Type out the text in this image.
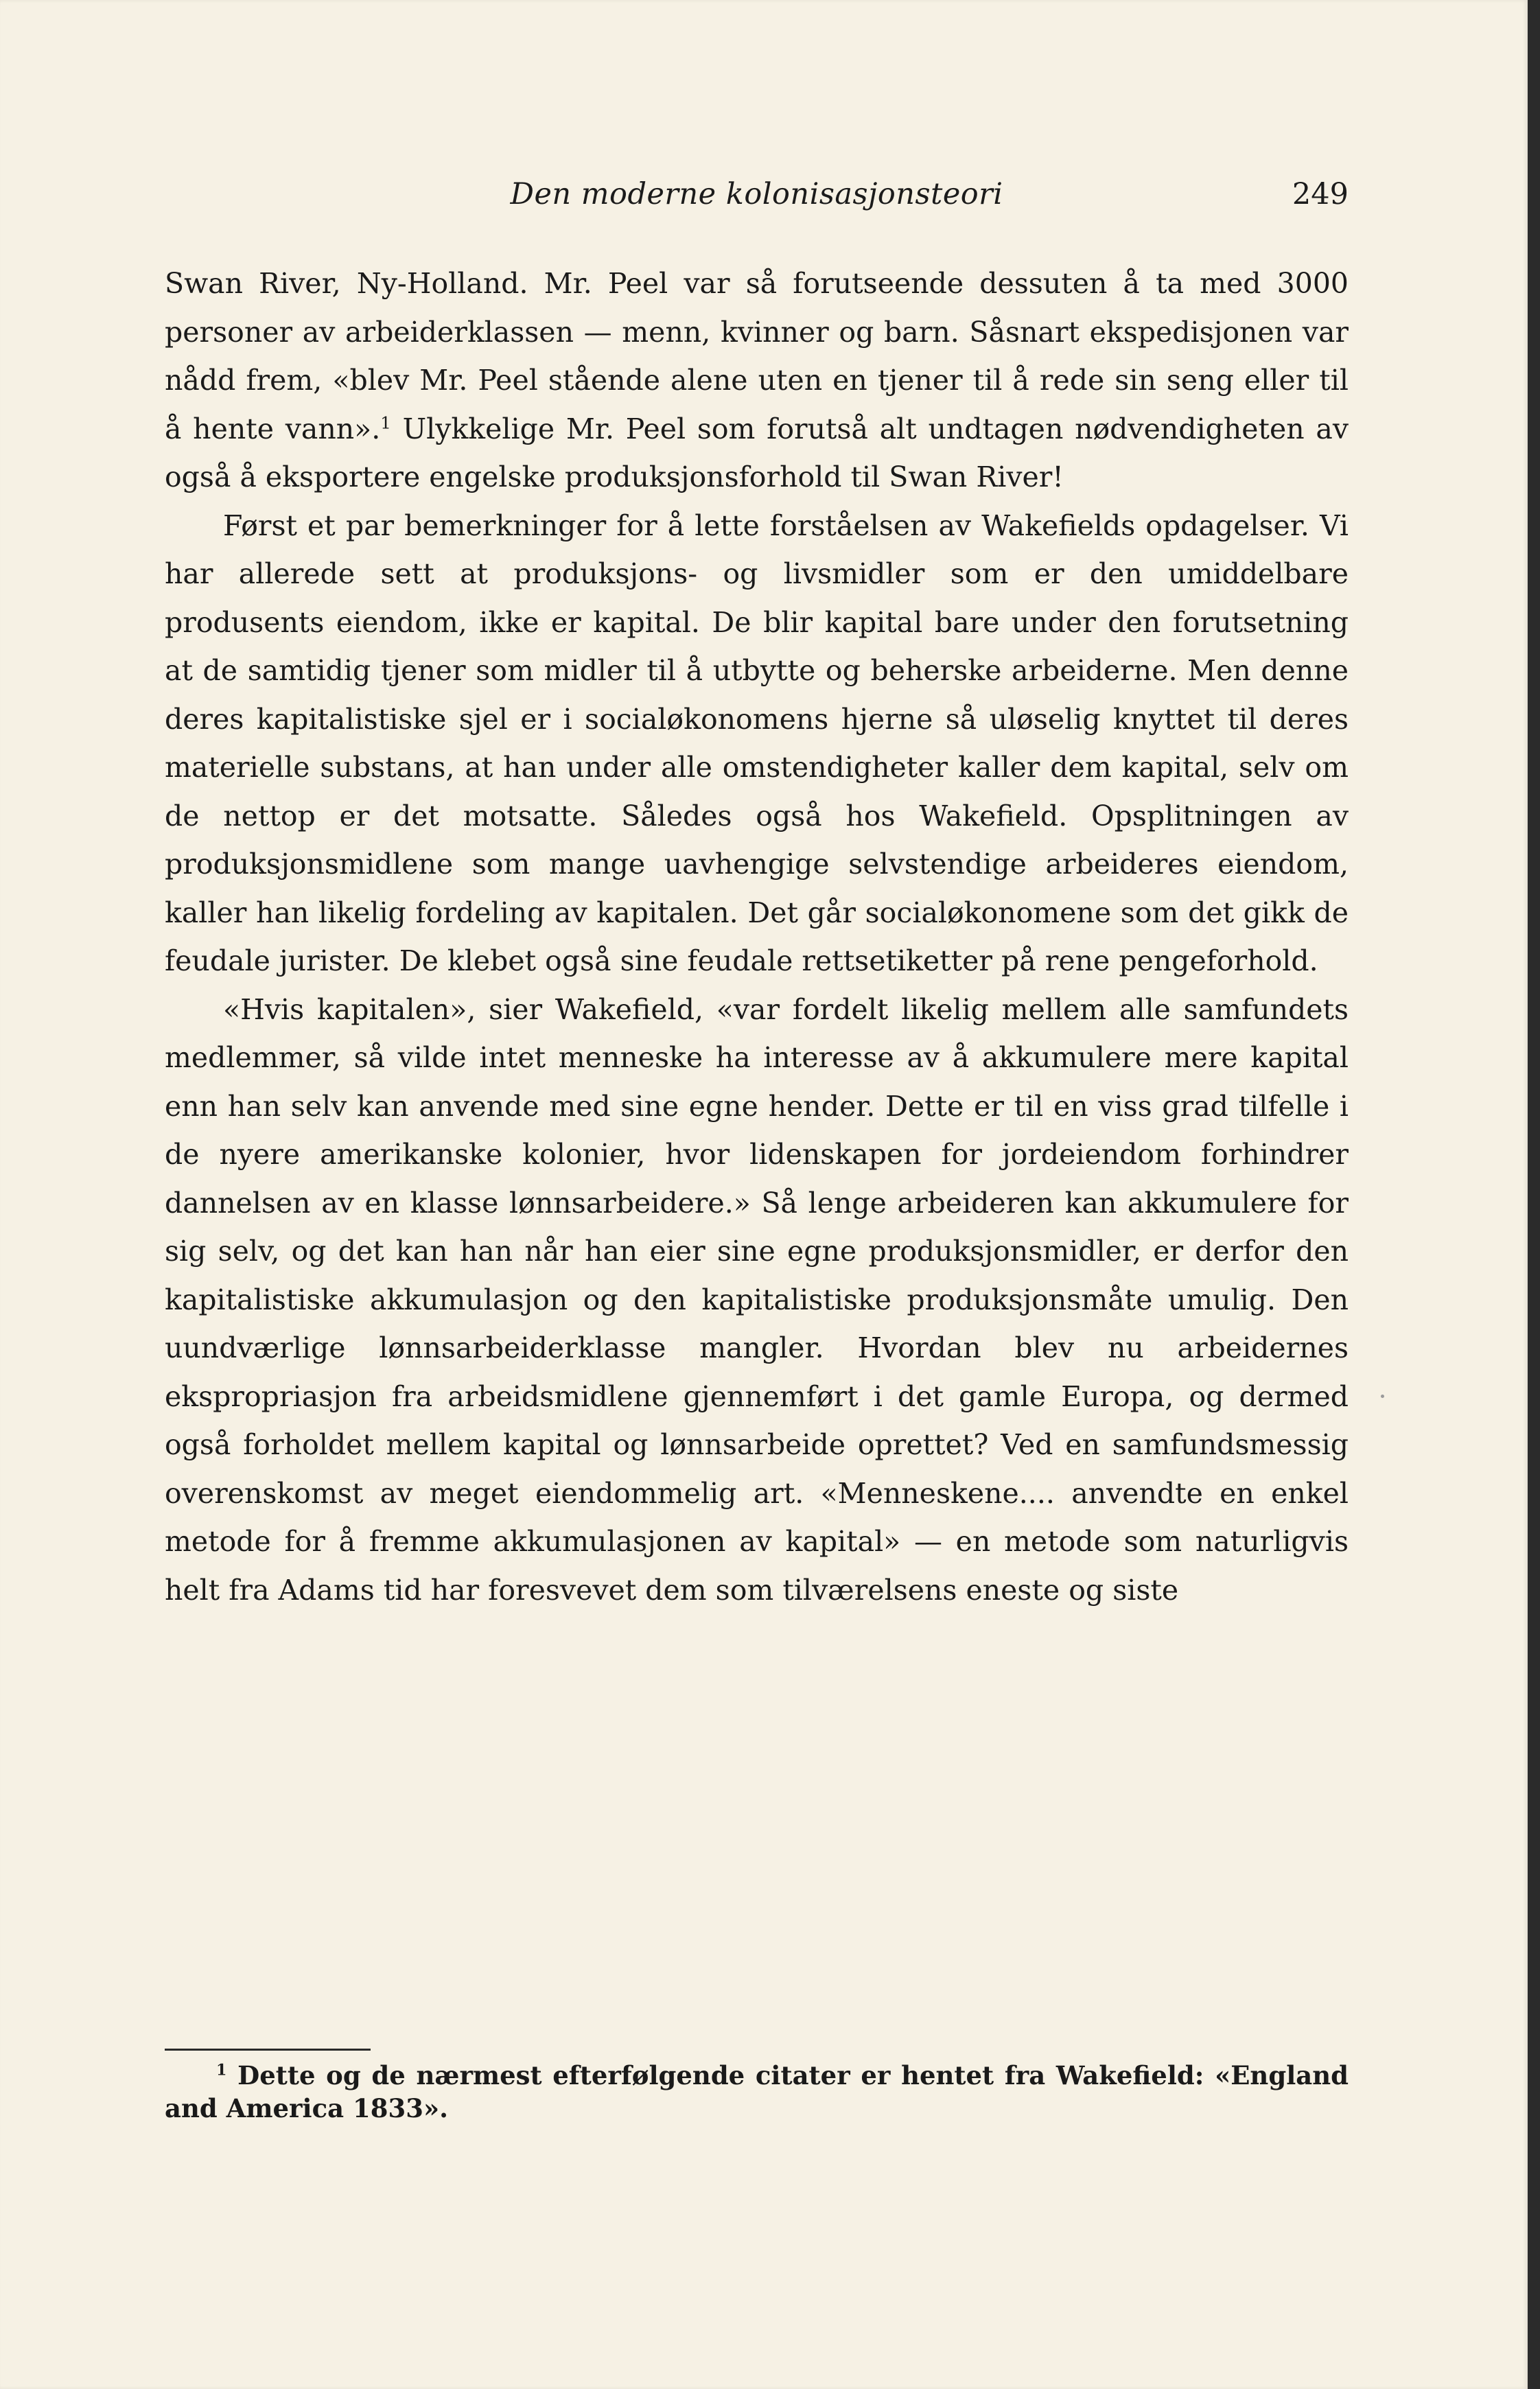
Den moderne kolonisasjonsteori	249

Swan River, Ny-Holland. Mr. Peel var så forutseende dessuten å ta med 3000 personer av arbeiderklassen — menn, kvinner og barn. Såsnart ekspedisjonen var nådd frem, «blev Mr. Peel stående alene uten en tjener til å rede sin seng eller til å hente vann».$^1$ Ulykkelige Mr. Peel som forutså alt undtagen nødvendigheten av også å eksportere engelske produksjonsforhold til Swan River!

Først et par bemerkninger for å lette forståelsen av Wakefields opdagelser. Vi har allerede sett at produksjons- og livsmidler som er den umiddelbare produsents eiendom, ikke er kapital. De blir kapital bare under den forutsetning at de samtidig tjener som midler til å utbytte og beherske arbeiderne. Men denne deres kapitalistiske sjel er i socialøkonomens hjerne så uløselig knyttet til deres materielle substans, at han under alle omstendigheter kaller dem kapital, selv om de nettop er det motsatte. Således også hos Wakefield. Opsplitningen av produksjonsmidlene som mange uavhengige selvstendige arbeideres eiendom, kaller han likelig fordeling av kapitalen. Det går socialøkonomene som det gikk de feudale jurister. De klebet også sine feudale rettsetiketter på rene pengeforhold.

«Hvis kapitalen», sier Wakefield, «var fordelt likelig mellem alle samfundets medlemmer, så vilde intet menneske ha interesse av å akkumulere mere kapital enn han selv kan anvende med sine egne hender. Dette er til en viss grad tilfelle i de nyere amerikanske kolonier, hvor lidenskapen for jordeiendom forhindrer dannelsen av en klasse lønnsarbeidere.» Så lenge arbeideren kan akkumulere for sig selv, og det kan han når han eier sine egne produksjonsmidler, er derfor den kapitalistiske akkumulasjon og den kapitalistiske produksjonsmåte umulig. Den uundværlige lønnsarbeiderklasse mangler. Hvordan blev nu arbeidernes ekspropriasjon fra arbeidsmidlene gjennemført i det gamle Europa, og dermed også forholdet mellem kapital og lønnsarbeide oprettet? Ved en samfundsmessig overenskomst av meget eiendommelig art. «Menneskene.... anvendte en enkel metode for å fremme akkumulasjonen av kapital» — en metode som naturligvis helt fra Adams tid har foresvevet dem som tilværelsens eneste og siste

$^1$ Dette og de nærmest efterfølgende citater er hentet fra Wakefield: «England and America 1833».
